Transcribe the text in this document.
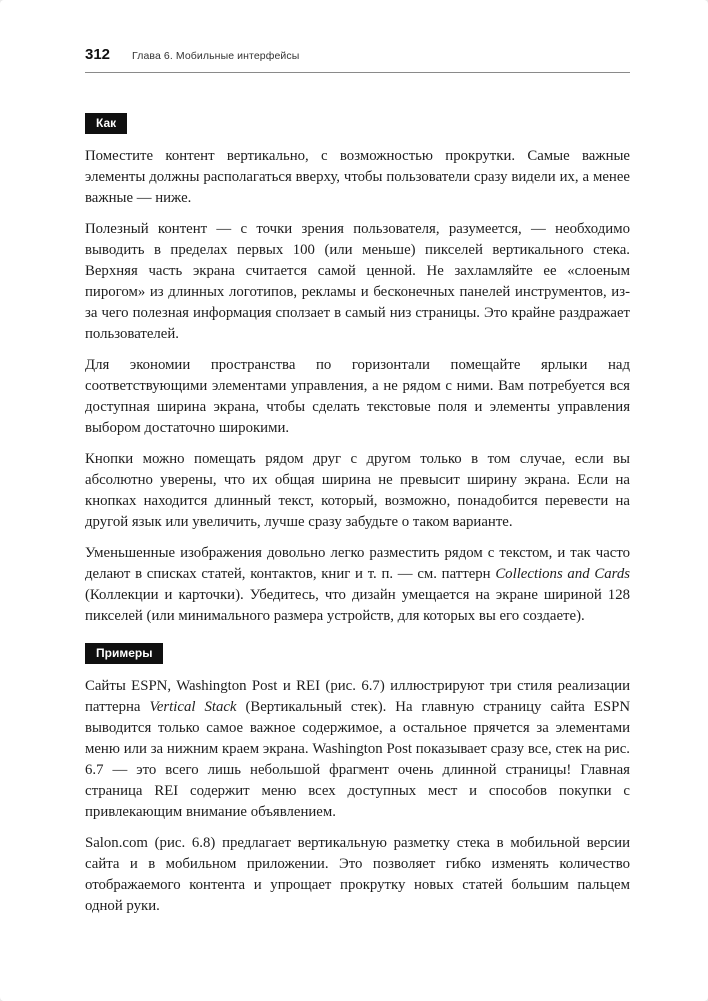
312 Глава 6. Мобильные интерфейсы
Как

Поместите контент вертикально, с возможностью прокрутки. Самые важные элементы должны располагаться вверху, чтобы пользователи сразу видели их, а менее важные — ниже.

Полезный контент — с точки зрения пользователя, разумеется, — необходимо выводить в пределах первых 100 (или меньше) пикселей вертикального стека. Верхняя часть экрана считается самой ценной. Не захламляйте ее «слоеным пирогом» из длинных логотипов, рекламы и бесконечных панелей инструментов, из-за чего полезная информация сползает в самый низ страницы. Это крайне раздражает пользователей.

Для экономии пространства по горизонтали помещайте ярлыки над соответствующими элементами управления, а не рядом с ними. Вам потребуется вся доступная ширина экрана, чтобы сделать текстовые поля и элементы управления выбором достаточно широкими.

Кнопки можно помещать рядом друг с другом только в том случае, если вы абсолютно уверены, что их общая ширина не превысит ширину экрана. Если на кнопках находится длинный текст, который, возможно, понадобится перевести на другой язык или увеличить, лучше сразу забудьте о таком варианте.

Уменьшенные изображения довольно легко разместить рядом с текстом, и так часто делают в списках статей, контактов, книг и т. п. — см. паттерн Collections and Cards (Коллекции и карточки). Убедитесь, что дизайн умещается на экране шириной 128 пикселей (или минимального размера устройств, для которых вы его создаете).

Примеры

Сайты ESPN, Washington Post и REI (рис. 6.7) иллюстрируют три стиля реализации паттерна Vertical Stack (Вертикальный стек). На главную страницу сайта ESPN выводится только самое важное содержимое, а остальное прячется за элементами меню или за нижним краем экрана. Washington Post показывает сразу все, стек на рис. 6.7 — это всего лишь небольшой фрагмент очень длинной страницы! Главная страница REI содержит меню всех доступных мест и способов покупки с привлекающим внимание объявлением.

Salon.com (рис. 6.8) предлагает вертикальную разметку стека в мобильной версии сайта и в мобильном приложении. Это позволяет гибко изменять количество отображаемого контента и упрощает прокрутку новых статей большим пальцем одной руки.
